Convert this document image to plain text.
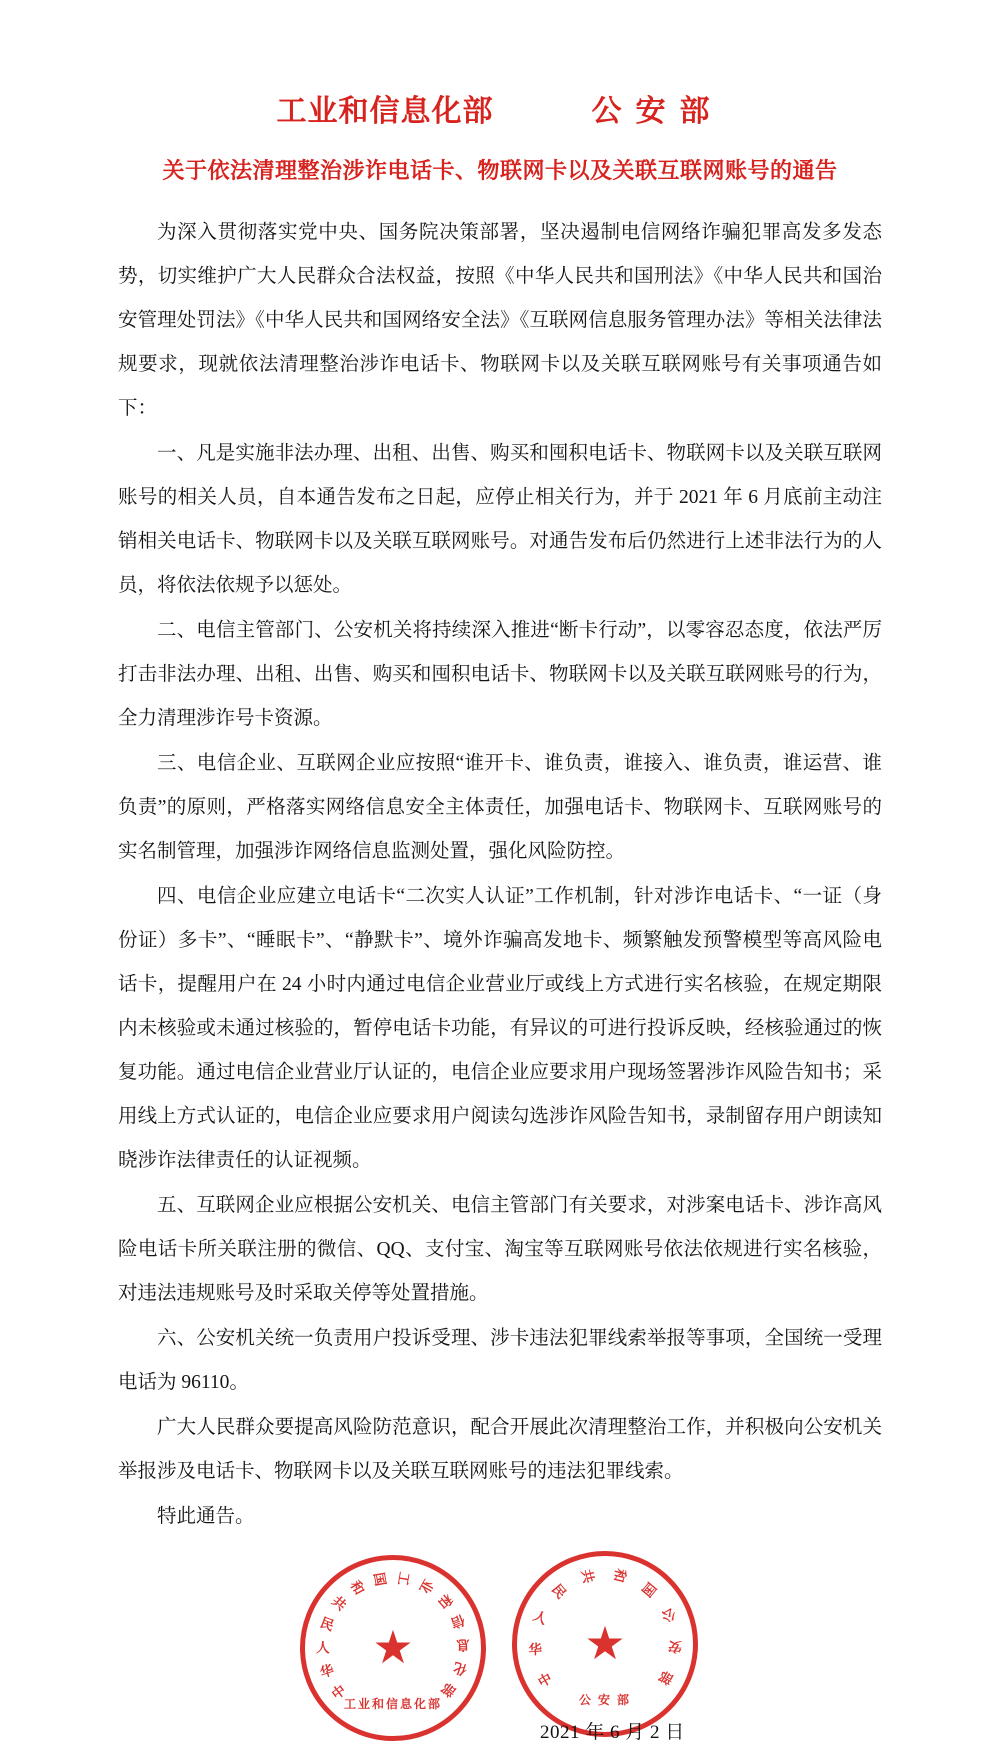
工业和信息化部	公安部
关于依法清理整治涉诈电话卡、物联网卡以及关联互联网账号的通告

为深入贯彻落实党中央、国务院决策部署，坚决遏制电信网络诈骗犯罪高发多发态势，切实维护广大人民群众合法权益，按照《中华人民共和国刑法》《中华人民共和国治安管理处罚法》《中华人民共和国网络安全法》《互联网信息服务管理办法》等相关法律法规要求，现就依法清理整治涉诈电话卡、物联网卡以及关联互联网账号有关事项通告如下：

一、凡是实施非法办理、出租、出售、购买和囤积电话卡、物联网卡以及关联互联网账号的相关人员，自本通告发布之日起，应停止相关行为，并于 2021 年 6 月底前主动注销相关电话卡、物联网卡以及关联互联网账号。对通告发布后仍然进行上述非法行为的人员，将依法依规予以惩处。

二、电信主管部门、公安机关将持续深入推进“断卡行动”，以零容忍态度，依法严厉打击非法办理、出租、出售、购买和囤积电话卡、物联网卡以及关联互联网账号的行为，全力清理涉诈号卡资源。

三、电信企业、互联网企业应按照“谁开卡、谁负责，谁接入、谁负责，谁运营、谁负责”的原则，严格落实网络信息安全主体责任，加强电话卡、物联网卡、互联网账号的实名制管理，加强涉诈网络信息监测处置，强化风险防控。

四、电信企业应建立电话卡“二次实人认证”工作机制，针对涉诈电话卡、“一证（身份证）多卡”、“睡眠卡”、“静默卡”、境外诈骗高发地卡、频繁触发预警模型等高风险电话卡，提醒用户在 24 小时内通过电信企业营业厅或线上方式进行实名核验，在规定期限内未核验或未通过核验的，暂停电话卡功能，有异议的可进行投诉反映，经核验通过的恢复功能。通过电信企业营业厅认证的，电信企业应要求用户现场签署涉诈风险告知书；采用线上方式认证的，电信企业应要求用户阅读勾选涉诈风险告知书，录制留存用户朗读知晓涉诈法律责任的认证视频。

五、互联网企业应根据公安机关、电信主管部门有关要求，对涉案电话卡、涉诈高风险电话卡所关联注册的微信、QQ、支付宝、淘宝等互联网账号依法依规进行实名核验，对违法违规账号及时采取关停等处置措施。

六、公安机关统一负责用户投诉受理、涉卡违法犯罪线索举报等事项，全国统一受理电话为 96110。

广大人民群众要提高风险防范意识，配合开展此次清理整治工作，并积极向公安机关举报涉及电话卡、物联网卡以及关联互联网账号的违法犯罪线索。

特此通告。

中
华
人
民
共
和 国 工 业
和
信
息
化
部
★
工业和信息化部
中
华
人
民
共 和
国
公
安
部
★
公 安 部
2021 年 6 月 2 日
